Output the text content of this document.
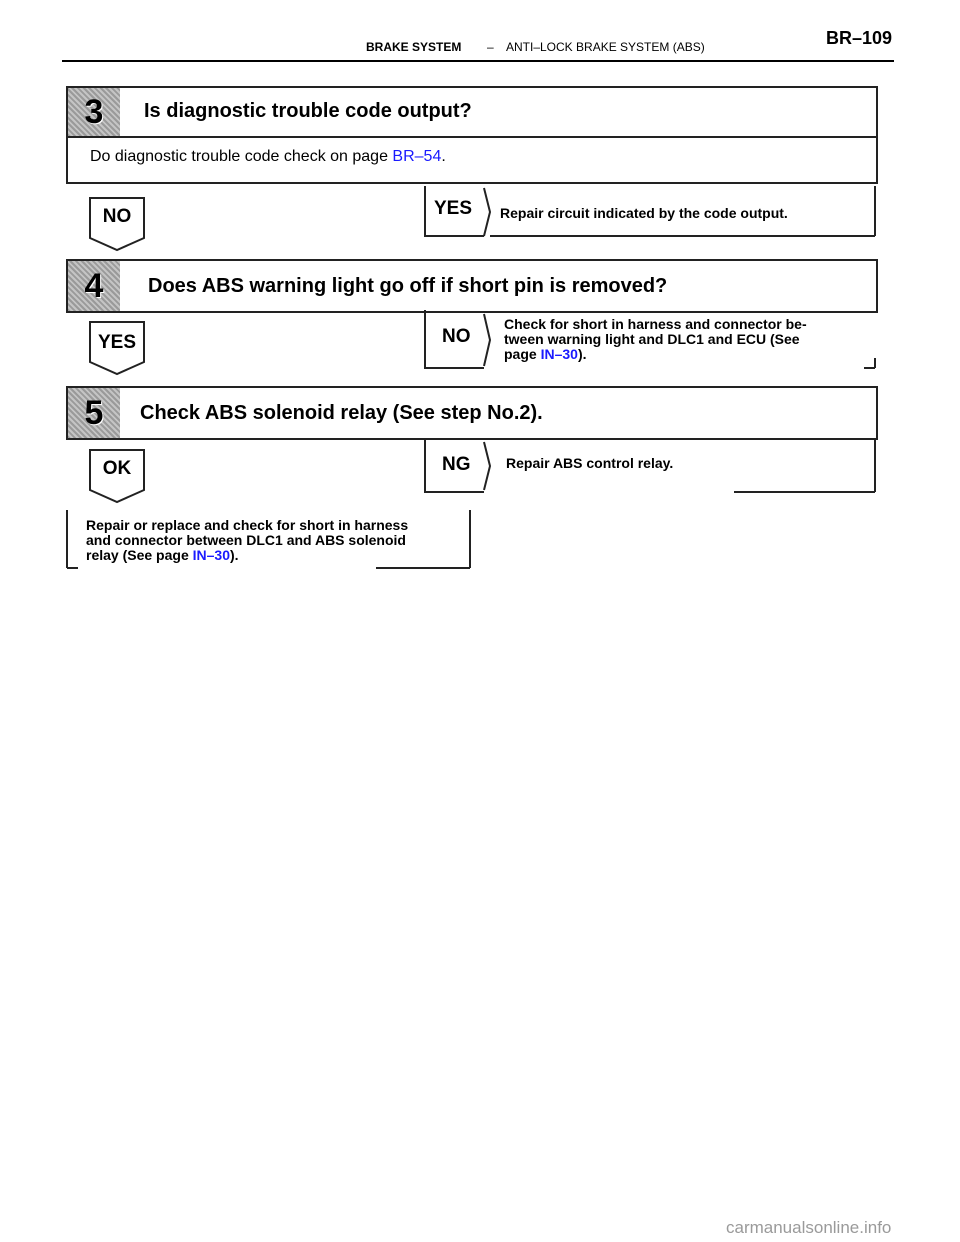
BRAKE SYSTEM – ANTI–LOCK BRAKE SYSTEM (ABS)	BR–109
3 Is diagnostic trouble code output?
Do diagnostic trouble code check on page BR–54.
NO	YES Repair circuit indicated by the code output.
4 Does ABS warning light go off if short pin is removed?
YES	NO
Check for short in harness and connector be-
tween warning light and DLC1 and ECU (See
page IN–30).
5 Check ABS solenoid relay (See step No.2).
OK	NG	Repair ABS control relay.
Repair or replace and check for short in harness
and connector between DLC1 and ABS solenoid
relay (See page IN–30).
carmanualsonline.info
